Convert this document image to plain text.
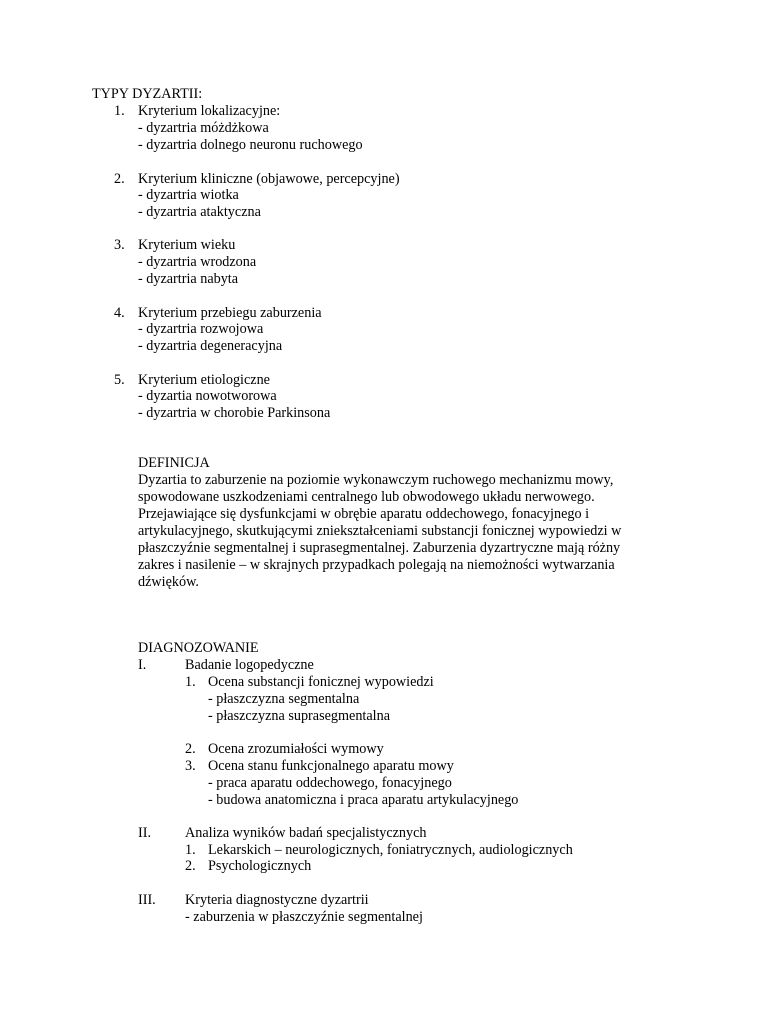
TYPY DYZARTII:
1. Kryterium lokalizacyjne:
- dyzartria móżdżkowa
- dyzartria dolnego neuronu ruchowego
2. Kryterium kliniczne (objawowe, percepcyjne)
- dyzartria wiotka
- dyzartria ataktyczna
3. Kryterium wieku
- dyzartria wrodzona
- dyzartria nabyta
4. Kryterium przebiegu zaburzenia
- dyzartria rozwojowa
- dyzartria degeneracyjna
5. Kryterium etiologiczne
- dyzartia nowotworowa
- dyzartria w chorobie Parkinsona
DEFINICJA
Dyzartia to zaburzenie na poziomie wykonawczym ruchowego mechanizmu mowy,
spowodowane uszkodzeniami centralnego lub obwodowego układu nerwowego.
Przejawiające się dysfunkcjami w obrębie aparatu oddechowego, fonacyjnego i
artykulacyjnego, skutkującymi zniekształceniami substancji fonicznej wypowiedzi w
płaszczyźnie segmentalnej i suprasegmentalnej. Zaburzenia dyzartryczne mają różny
zakres i nasilenie – w skrajnych przypadkach polegają na niemożności wytwarzania
dźwięków.
DIAGNOZOWANIE
I.	Badanie logopedyczne
1. Ocena substancji fonicznej wypowiedzi
- płaszczyzna segmentalna
- płaszczyzna suprasegmentalna
2. Ocena zrozumiałości wymowy
3. Ocena stanu funkcjonalnego aparatu mowy
- praca aparatu oddechowego, fonacyjnego
- budowa anatomiczna i praca aparatu artykulacyjnego
II. Analiza wyników badań specjalistycznych
1. Lekarskich – neurologicznych, foniatrycznych, audiologicznych
2. Psychologicznych
III. Kryteria diagnostyczne dyzartrii
- zaburzenia w płaszczyźnie segmentalnej
